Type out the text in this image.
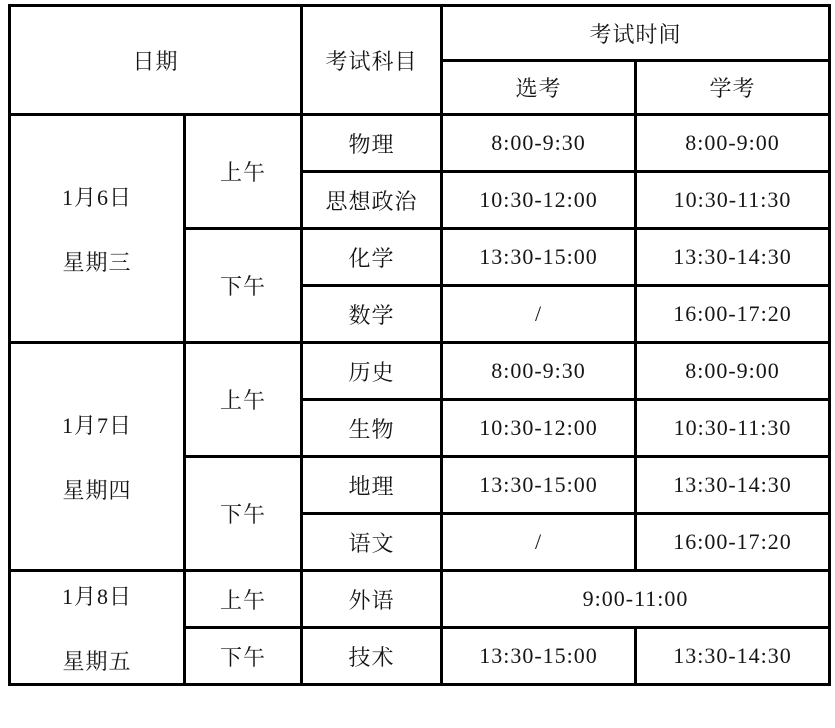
日期		考试科目	考试时间	
			选考	学考

1月6日
星期三	上午	物理	8:00-9:30	8:00-9:00
		思想政治	10:30-12:00	10:30-11:30
	下午	化学	13:30-15:00	13:30-14:30
		数学	/	16:00-17:20

1月7日
星期四	上午	历史	8:00-9:30	8:00-9:00
		生物	10:30-12:00	10:30-11:30
	下午	地理	13:30-15:00	13:30-14:30
		语文	/	16:00-17:20

1月8日
星期五	上午	外语	9:00-11:00	
	下午	技术	13:30-15:00	13:30-14:30
